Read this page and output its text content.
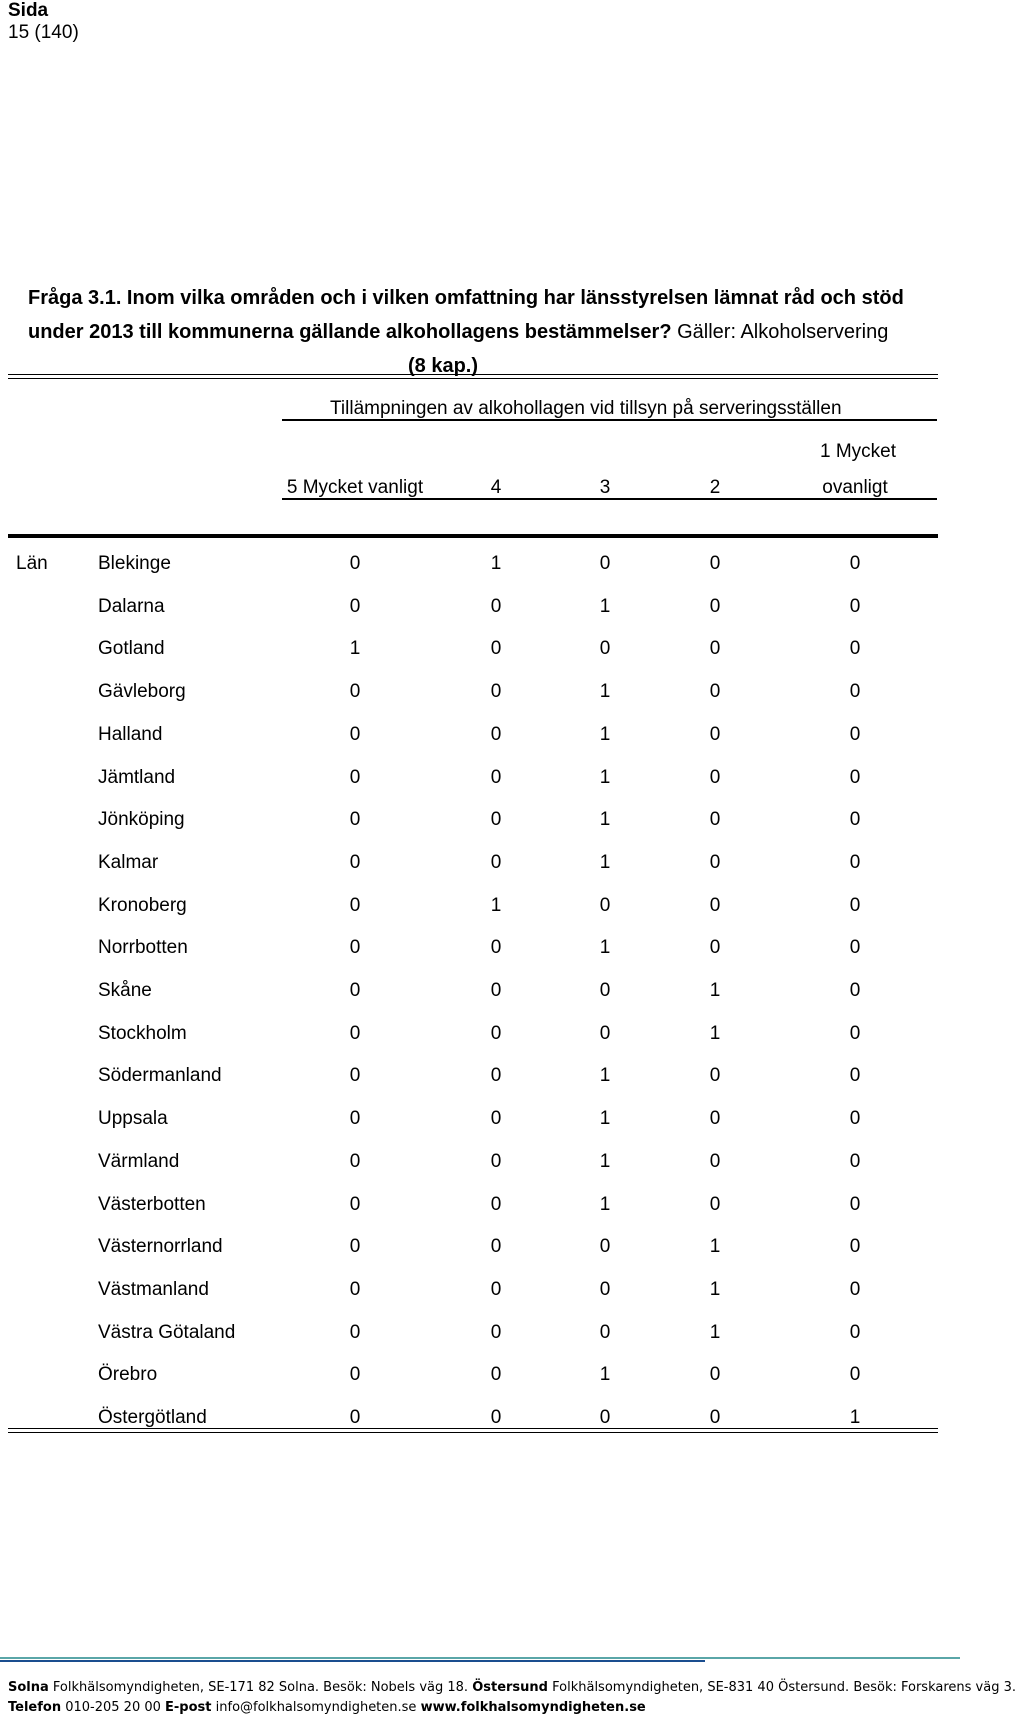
Sida
15 (140)
Fråga 3.1. Inom vilka områden och i vilken omfattning har länsstyrelsen lämnat råd och stöd under 2013 till kommunerna gällande alkohollagens bestämmelser? Gäller: Alkoholservering
(8 kap.)
Tillämpningen av alkohollagen vid tillsyn på serveringsställen
1 Mycket
5 Mycket vanligt	4	3	2	ovanligt
Län	Blekinge	0	1	0	0	0
Dalarna	0	0	1	0	0
Gotland	1	0	0	0	0
Gävleborg	0	0	1	0	0
Halland	0	0	1	0	0
Jämtland	0	0	1	0	0
Jönköping	0	0	1	0	0
Kalmar	0	0	1	0	0
Kronoberg	0	1	0	0	0
Norrbotten	0	0	1	0	0
Skåne	0	0	0	1	0
Stockholm	0	0	0	1	0
Södermanland	0	0	1	0	0
Uppsala	0	0	1	0	0
Värmland	0	0	1	0	0
Västerbotten	0	0	1	0	0
Västernorrland	0	0	0	1	0
Västmanland	0	0	0	1	0
Västra Götaland	0	0	0	1	0
Örebro	0	0	1	0	0
Östergötland	0	0	0	0	1
Solna Folkhälsomyndigheten, SE-171 82 Solna. Besök: Nobels väg 18. Östersund Folkhälsomyndigheten, SE-831 40 Östersund. Besök: Forskarens väg 3.
Telefon 010-205 20 00 E-post info@folkhalsomyndigheten.se www.folkhalsomyndigheten.se
